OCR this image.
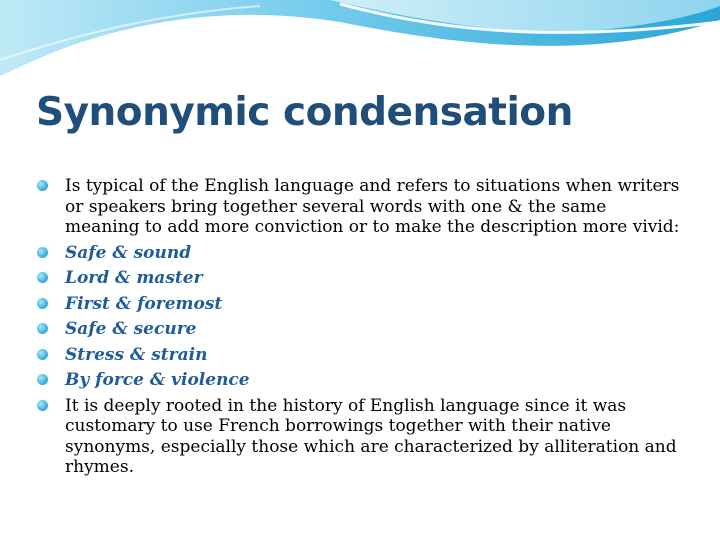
Synonymic condensation
Is typical of the English language and refers to situations when writers or speakers bring together several words with one & the same meaning to add more conviction or to make the description more vivid:
Safe & sound
Lord & master
First & foremost
Safe & secure
Stress & strain
By force & violence
It is deeply rooted in the history of English language since it was customary to use French borrowings together with their native synonyms, especially those which are characterized by alliteration and rhymes.
